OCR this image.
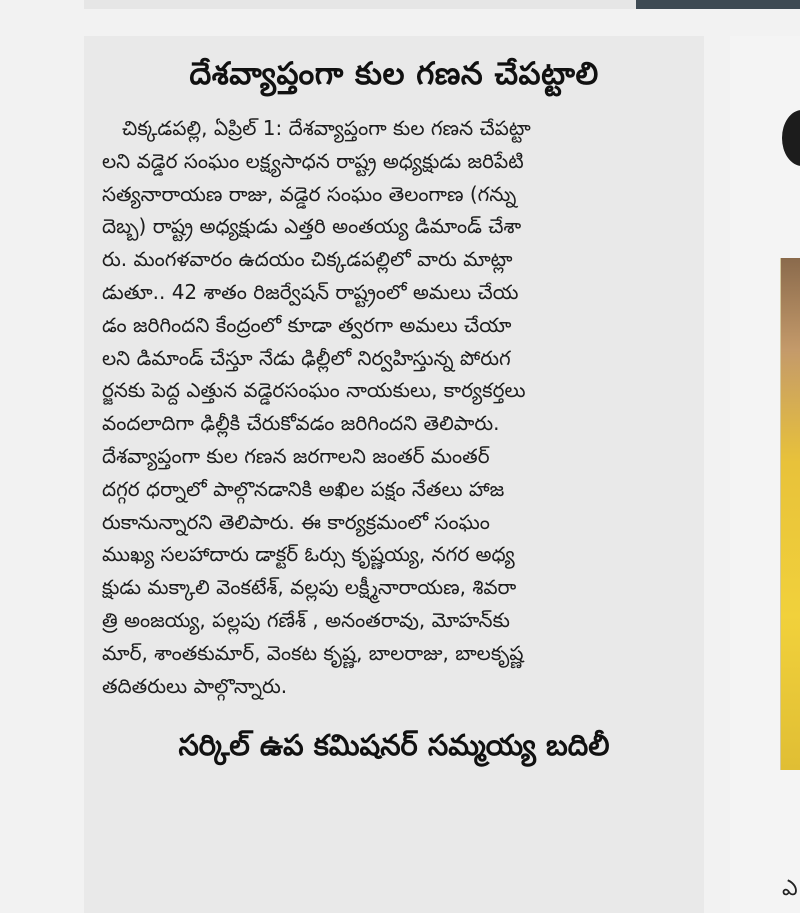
దేశవ్యాప్తంగా కుల గణన చేపట్టాలి
చిక్కడపల్లి, ఏప్రిల్ 1: దేశవ్యాప్తంగా కుల గణన చేపట్టా
లని వడ్డెర సంఘం లక్ష్యసాధన రాష్ట్ర అధ్యక్షుడు జరిపేటి
సత్యనారాయణ రాజు, వడ్డెర సంఘం తెలంగాణ (గన్ను
దెబ్బ) రాష్ట్ర అధ్యక్షుడు ఎత్తరి అంతయ్య డిమాండ్ చేశా
రు. మంగళవారం ఉదయం చిక్కడపల్లిలో వారు మాట్లా
డుతూ.. 42 శాతం రిజర్వేషన్ రాష్ట్రంలో అమలు చేయ
డం జరిగిందని కేంద్రంలో కూడా త్వరగా అమలు చేయా
లని డిమాండ్ చేస్తూ నేడు ఢిల్లీలో నిర్వహిస్తున్న పోరుగ
ర్జనకు పెద్ద ఎత్తున వడ్డెరసంఘం నాయకులు, కార్యకర్తలు
వందలాదిగా ఢిల్లీకి చేరుకోవడం జరిగిందని తెలిపారు.
దేశవ్యాప్తంగా కుల గణన జరగాలని జంతర్ మంతర్
దగ్గర ధర్నాలో పాల్గొనడానికి అఖిల పక్షం నేతలు హాజ
రుకానున్నారని తెలిపారు. ఈ కార్యక్రమంలో సంఘం
ముఖ్య సలహాదారు డాక్టర్ ఓర్సు కృష్ణయ్య, నగర అధ్య
క్షుడు మక్కాలి వెంకటేశ్, వల్లపు లక్ష్మీనారాయణ, శివరా
త్రి అంజయ్య, పల్లపు గణేశ్ , అనంతరావు, మోహన్‌కు
మార్, శాంతకుమార్, వెంకట కృష్ణ, బాలరాజు, బాలకృష్ణ
తదితరులు పాల్గొన్నారు.
సర్కిల్ ఉప కమిషనర్ సమ్మయ్య బదిలీ
ఎ
